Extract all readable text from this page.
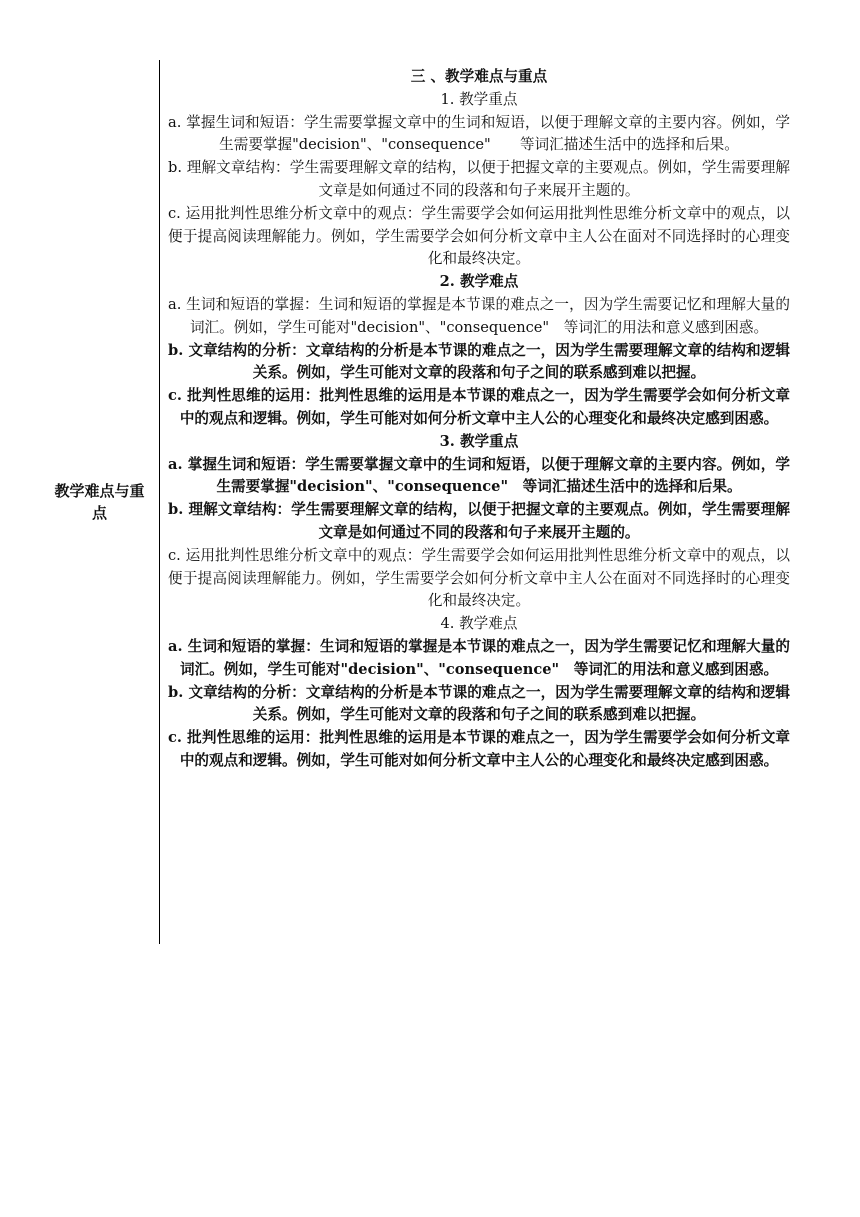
教学难点与重点

三 、教学难点与重点

1. 教学重点

a. 掌握生词和短语：学生需要掌握文章中的生词和短语，以便于理解文章的主要内容。例如，学生需要掌握"decision"、"consequence"　　等词汇描述生活中的选择和后果。

b. 理解文章结构：学生需要理解文章的结构，以便于把握文章的主要观点。例如，学生需要理解文章是如何通过不同的段落和句子来展开主题的。

c. 运用批判性思维分析文章中的观点：学生需要学会如何运用批判性思维分析文章中的观点，以便于提高阅读理解能力。例如，学生需要学会如何分析文章中主人公在面对不同选择时的心理变化和最终决定。

2. 教学难点

a. 生词和短语的掌握：生词和短语的掌握是本节课的难点之一，因为学生需要记忆和理解大量的词汇。例如，学生可能对"decision"、"consequence"　等词汇的用法和意义感到困惑。

b. 文章结构的分析：文章结构的分析是本节课的难点之一，因为学生需要理解文章的结构和逻辑关系。例如，学生可能对文章的段落和句子之间的联系感到难以把握。

c. 批判性思维的运用：批判性思维的运用是本节课的难点之一，因为学生需要学会如何分析文章中的观点和逻辑。例如，学生可能对如何分析文章中主人公的心理变化和最终决定感到困惑。

3. 教学重点

a. 掌握生词和短语：学生需要掌握文章中的生词和短语，以便于理解文章的主要内容。例如，学生需要掌握"decision"、"consequence"　等词汇描述生活中的选择和后果。

b. 理解文章结构：学生需要理解文章的结构，以便于把握文章的主要观点。例如，学生需要理解文章是如何通过不同的段落和句子来展开主题的。

c. 运用批判性思维分析文章中的观点：学生需要学会如何运用批判性思维分析文章中的观点，以便于提高阅读理解能力。例如，学生需要学会如何分析文章中主人公在面对不同选择时的心理变化和最终决定。

4. 教学难点

a. 生词和短语的掌握：生词和短语的掌握是本节课的难点之一，因为学生需要记忆和理解大量的词汇。例如，学生可能对"decision"、"consequence"　等词汇的用法和意义感到困惑。

b. 文章结构的分析：文章结构的分析是本节课的难点之一，因为学生需要理解文章的结构和逻辑关系。例如，学生可能对文章的段落和句子之间的联系感到难以把握。

c. 批判性思维的运用：批判性思维的运用是本节课的难点之一，因为学生需要学会如何分析文章中的观点和逻辑。例如，学生可能对如何分析文章中主人公的心理变化和最终决定感到困惑。
